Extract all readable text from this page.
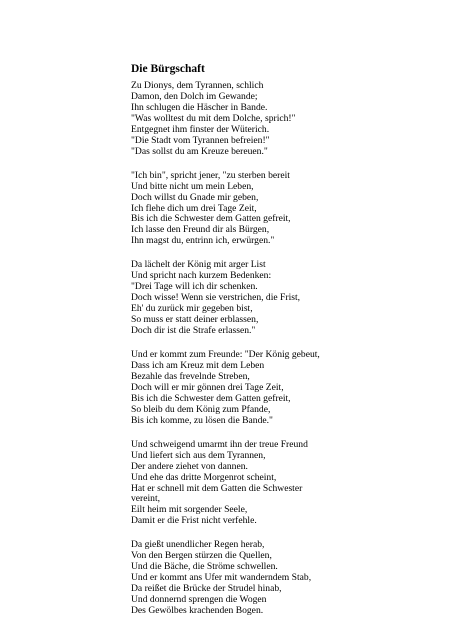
Die Bürgschaft
Zu Dionys, dem Tyrannen, schlich
Damon, den Dolch im Gewande;
Ihn schlugen die Häscher in Bande.
"Was wolltest du mit dem Dolche, sprich!"
Entgegnet ihm finster der Wüterich.
"Die Stadt vom Tyrannen befreien!"
"Das sollst du am Kreuze bereuen."
"Ich bin", spricht jener, "zu sterben bereit
Und bitte nicht um mein Leben,
Doch willst du Gnade mir geben,
Ich flehe dich um drei Tage Zeit,
Bis ich die Schwester dem Gatten gefreit,
Ich lasse den Freund dir als Bürgen,
Ihn magst du, entrinn ich, erwürgen."
Da lächelt der König mit arger List
Und spricht nach kurzem Bedenken:
"Drei Tage will ich dir schenken.
Doch wisse! Wenn sie verstrichen, die Frist,
Eh' du zurück mir gegeben bist,
So muss er statt deiner erblassen,
Doch dir ist die Strafe erlassen."
Und er kommt zum Freunde: "Der König gebeut,
Dass ich am Kreuz mit dem Leben
Bezahle das frevelnde Streben,
Doch will er mir gönnen drei Tage Zeit,
Bis ich die Schwester dem Gatten gefreit,
So bleib du dem König zum Pfande,
Bis ich komme, zu lösen die Bande."
Und schweigend umarmt ihn der treue Freund
Und liefert sich aus dem Tyrannen,
Der andere ziehet von dannen.
Und ehe das dritte Morgenrot scheint,
Hat er schnell mit dem Gatten die Schwester
vereint,
Eilt heim mit sorgender Seele,
Damit er die Frist nicht verfehle.
Da gießt unendlicher Regen herab,
Von den Bergen stürzen die Quellen,
Und die Bäche, die Ströme schwellen.
Und er kommt ans Ufer mit wanderndem Stab,
Da reißet die Brücke der Strudel hinab,
Und donnernd sprengen die Wogen
Des Gewölbes krachenden Bogen.
